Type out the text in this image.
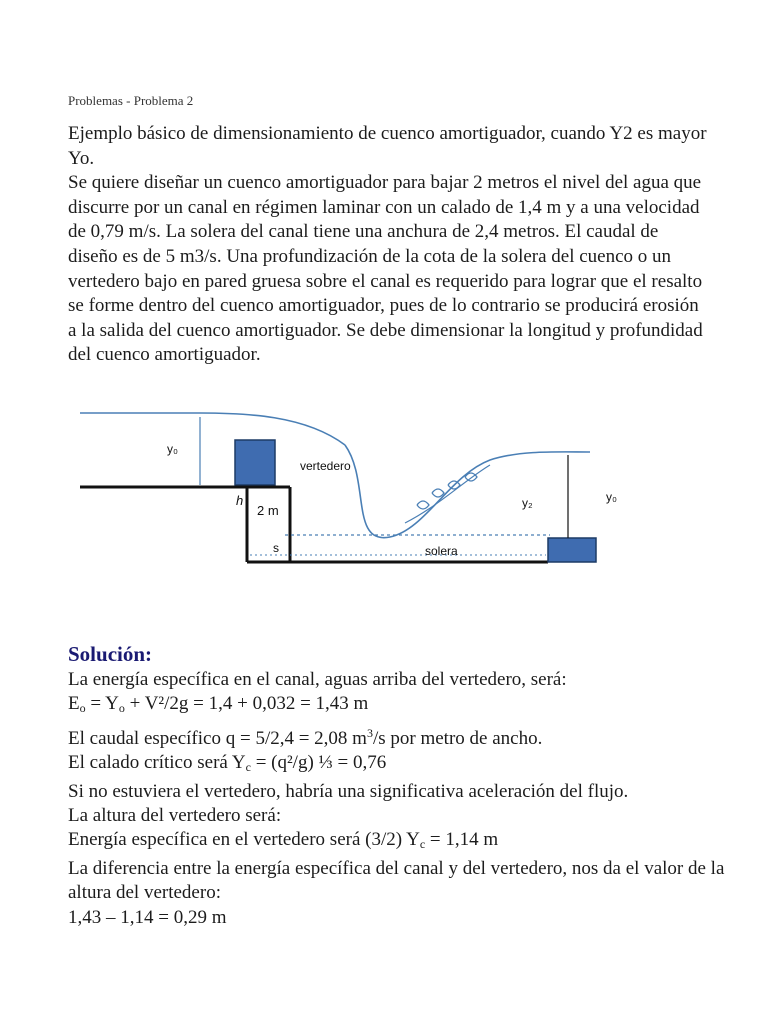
Problemas - Problema 2

Ejemplo básico de dimensionamiento de cuenco amortiguador, cuando Y2 es mayor Yo.

Se quiere diseñar un cuenco amortiguador para bajar 2 metros el nivel del agua que discurre por un canal en régimen laminar con un calado de 1,4 m y a una velocidad de 0,79 m/s. La solera del canal tiene una anchura de 2,4 metros. El caudal de diseño es de 5 m3/s. Una profundización de la cota de la solera del cuenco o un vertedero bajo en pared gruesa sobre el canal es requerido para lograr que el resalto se forme dentro del cuenco amortiguador, pues de lo contrario se producirá erosión a la salida del cuenco amortiguador. Se debe dimensionar la longitud y profundidad del cuenco amortiguador.

y₀
vertedero
h
2 m
s	solera
y₂	y₀
Solución:

La energía específica en el canal, aguas arriba del vertedero, será:

$E_o = Y_o + V^2/2g = 1,4 + 0,032 = 1,43$ m

El caudal específico q = 5/2,4 = 2,08 $m^3/s$ por metro de ancho.

El calado crítico será $Y_c = (q^2/g)$ ⅓ = 0,76

Si no estuviera el vertedero, habría una significativa aceleración del flujo.

La altura del vertedero será:

Energía específica en el vertedero será (3/2) $Y_c = 1,14$ m

La diferencia entre la energía específica del canal y del vertedero, nos da el valor de la altura del vertedero:

1,43 – 1,14 = 0,29 m
